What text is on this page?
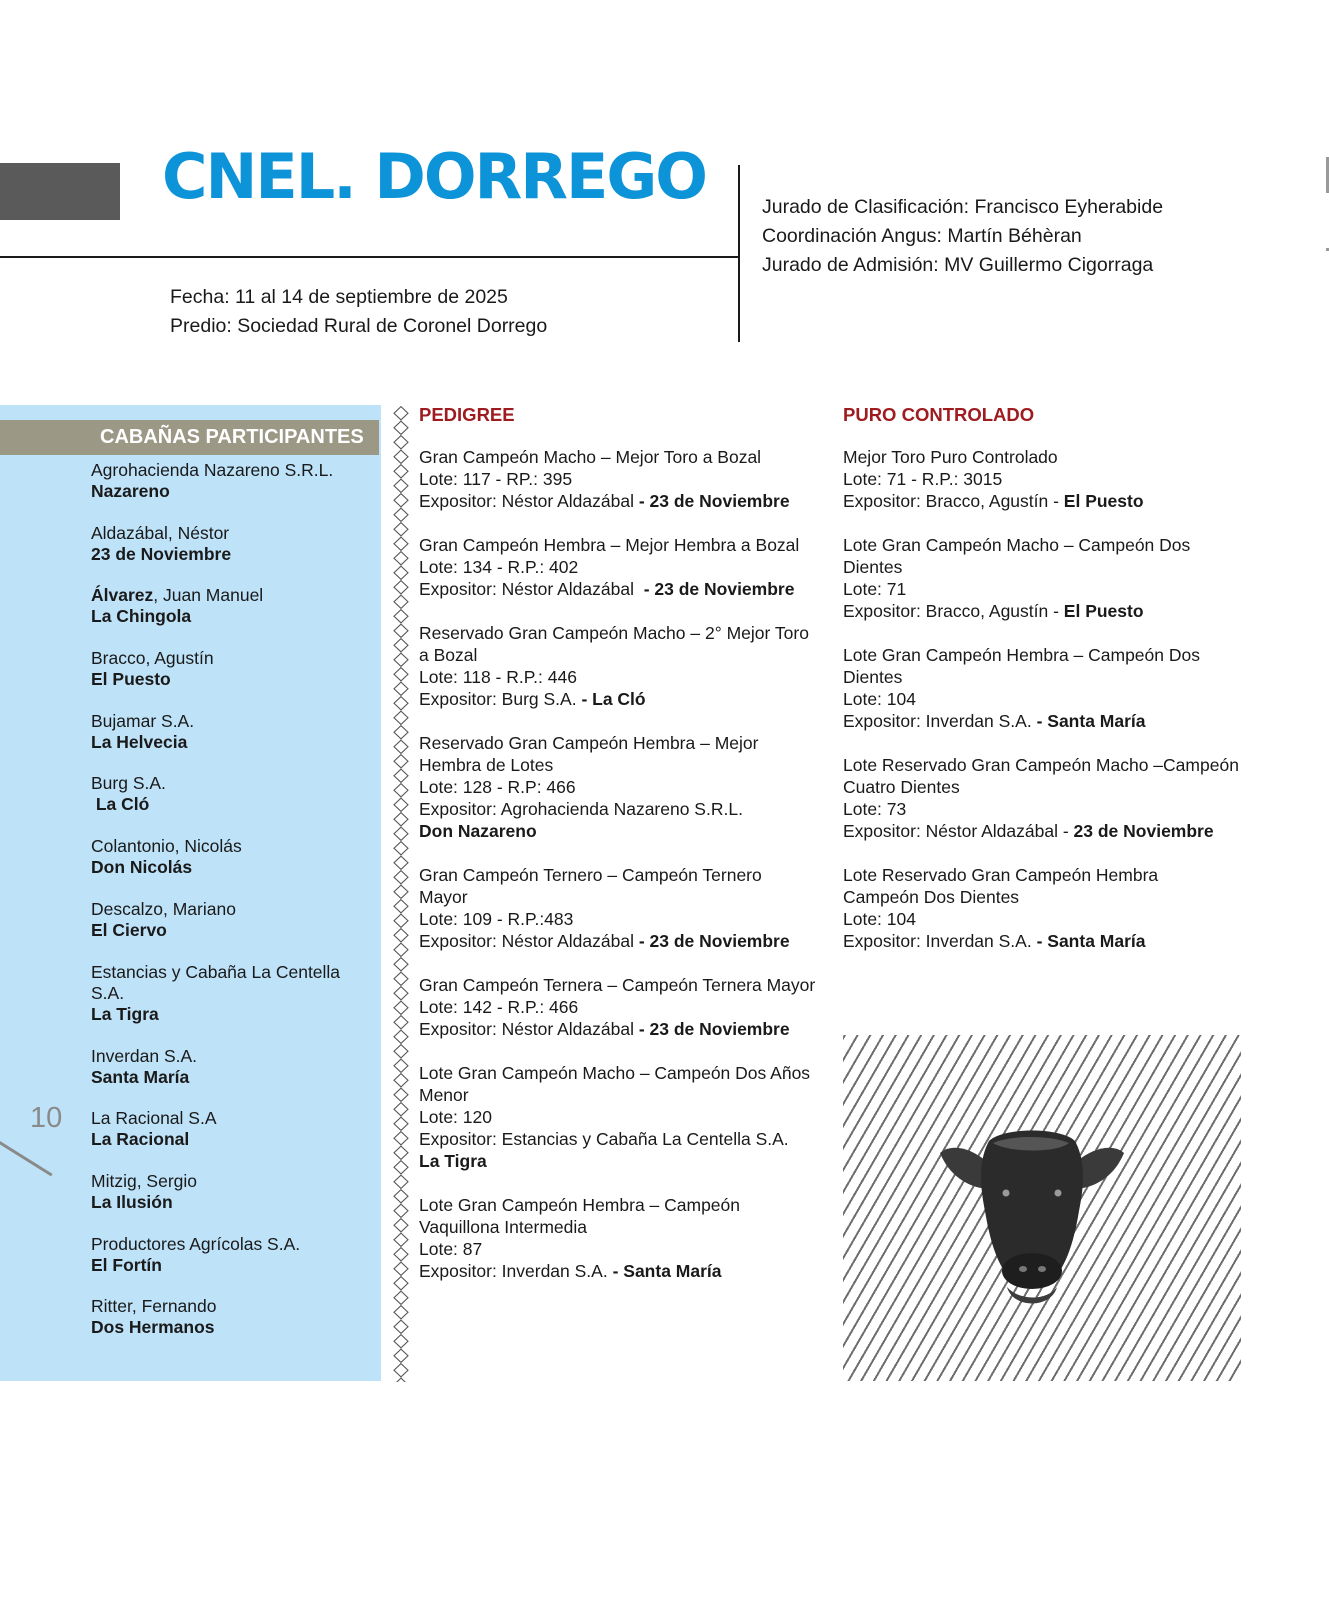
CNEL. DORREGO
Fecha: 11 al 14 de septiembre de 2025
Predio: Sociedad Rural de Coronel Dorrego
Jurado de Clasificación: Francisco Eyherabide
Coordinación Angus: Martín Béhèran
Jurado de Admisión: MV Guillermo Cigorraga
CABAÑAS PARTICIPANTES
Agrohacienda Nazareno S.R.L.
Nazareno
Aldazábal, Néstor
23 de Noviembre
Álvarez, Juan Manuel
La Chingola
Bracco, Agustín
El Puesto
Bujamar S.A.
La Helvecia
Burg S.A.
La Cló
Colantonio, Nicolás
Don Nicolás
Descalzo, Mariano
El Ciervo
Estancias y Cabaña La Centella S.A.
La Tigra
Inverdan S.A.
Santa María
La Racional S.A
La Racional
Mitzig, Sergio
La Ilusión
Productores Agrícolas S.A.
El Fortín
Ritter, Fernando
Dos Hermanos
10
PEDIGREE
Gran Campeón Macho – Mejor Toro a Bozal
Lote: 117 - RP.: 395
Expositor: Néstor Aldazábal - 23 de Noviembre
Gran Campeón Hembra – Mejor Hembra a Bozal
Lote: 134 - R.P.: 402
Expositor: Néstor Aldazábal  - 23 de Noviembre
Reservado Gran Campeón Macho – 2° Mejor Toro
a Bozal
Lote: 118 - R.P.: 446
Expositor: Burg S.A. - La Cló
Reservado Gran Campeón Hembra – Mejor
Hembra de Lotes
Lote: 128 - R.P: 466
Expositor: Agrohacienda Nazareno S.R.L.
Don Nazareno
Gran Campeón Ternero – Campeón Ternero
Mayor
Lote: 109 - R.P.:483
Expositor: Néstor Aldazábal - 23 de Noviembre
Gran Campeón Ternera – Campeón Ternera Mayor
Lote: 142 - R.P.: 466
Expositor: Néstor Aldazábal - 23 de Noviembre
Lote Gran Campeón Macho – Campeón Dos Años
Menor
Lote: 120
Expositor: Estancias y Cabaña La Centella S.A.
La Tigra
Lote Gran Campeón Hembra – Campeón
Vaquillona Intermedia
Lote: 87
Expositor: Inverdan S.A. - Santa María
PURO CONTROLADO
Mejor Toro Puro Controlado
Lote: 71 - R.P.: 3015
Expositor: Bracco, Agustín - El Puesto
Lote Gran Campeón Macho – Campeón Dos
Dientes
Lote: 71
Expositor: Bracco, Agustín - El Puesto
Lote Gran Campeón Hembra – Campeón Dos
Dientes
Lote: 104
Expositor: Inverdan S.A. - Santa María
Lote Reservado Gran Campeón Macho –Campeón
Cuatro Dientes
Lote: 73
Expositor: Néstor Aldazábal - 23 de Noviembre
Lote Reservado Gran Campeón Hembra
Campeón Dos Dientes
Lote: 104
Expositor: Inverdan S.A. - Santa María
